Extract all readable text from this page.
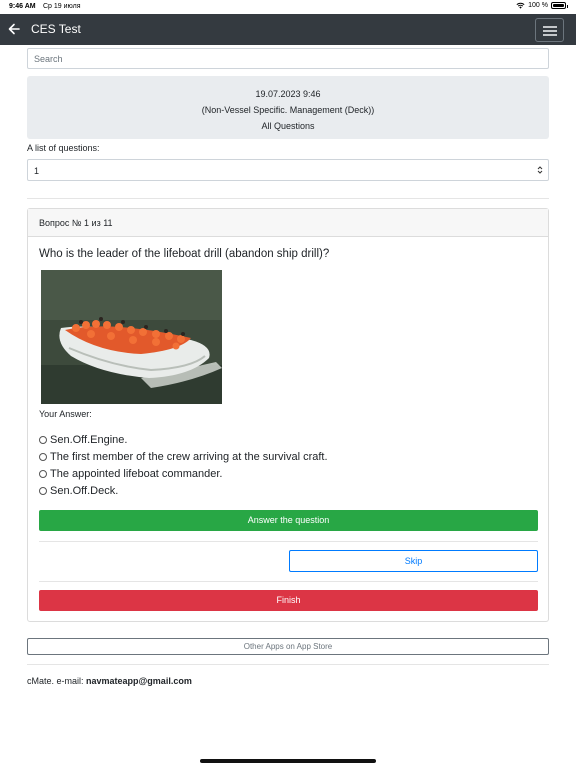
9:46 AM Ср 19 июля	100 %
CES Test
Search
19.07.2023 9:46
(Non-Vessel Specific. Management (Deck))
All Questions
A list of questions:
1
Вопрос № 1 из 11
Who is the leader of the lifeboat drill (abandon ship drill)?
Your Answer:
Sen.Off.Engine.
The first member of the crew arriving at the survival craft.
The appointed lifeboat commander.
Sen.Off.Deck.
Answer the question
Skip
Finish
Other Apps on App Store
cMate. e-mail: navmateapp@gmail.com
